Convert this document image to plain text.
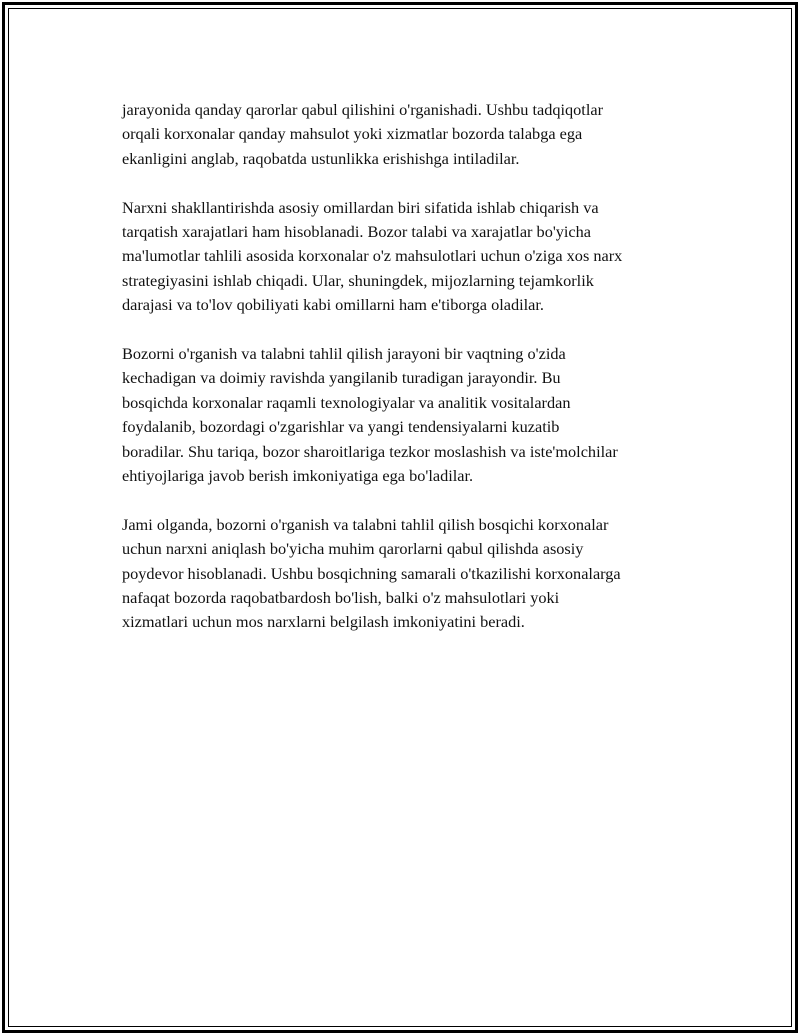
jarayonida qanday qarorlar qabul qilishini o'rganishadi. Ushbu tadqiqotlar
orqali korxonalar qanday mahsulot yoki xizmatlar bozorda talabga ega
ekanligini anglab, raqobatda ustunlikka erishishga intiladilar.

Narxni shakllantirishda asosiy omillardan biri sifatida ishlab chiqarish va
tarqatish xarajatlari ham hisoblanadi. Bozor talabi va xarajatlar bo'yicha
ma'lumotlar tahlili asosida korxonalar o'z mahsulotlari uchun o'ziga xos narx
strategiyasini ishlab chiqadi. Ular, shuningdek, mijozlarning tejamkorlik
darajasi va to'lov qobiliyati kabi omillarni ham e'tiborga oladilar.

Bozorni o'rganish va talabni tahlil qilish jarayoni bir vaqtning o'zida
kechadigan va doimiy ravishda yangilanib turadigan jarayondir. Bu
bosqichda korxonalar raqamli texnologiyalar va analitik vositalardan
foydalanib, bozordagi o'zgarishlar va yangi tendensiyalarni kuzatib
boradilar. Shu tariqa, bozor sharoitlariga tezkor moslashish va iste'molchilar
ehtiyojlariga javob berish imkoniyatiga ega bo'ladilar.

Jami olganda, bozorni o'rganish va talabni tahlil qilish bosqichi korxonalar
uchun narxni aniqlash bo'yicha muhim qarorlarni qabul qilishda asosiy
poydevor hisoblanadi. Ushbu bosqichning samarali o'tkazilishi korxonalarga
nafaqat bozorda raqobatbardosh bo'lish, balki o'z mahsulotlari yoki
xizmatlari uchun mos narxlarni belgilash imkoniyatini beradi.
